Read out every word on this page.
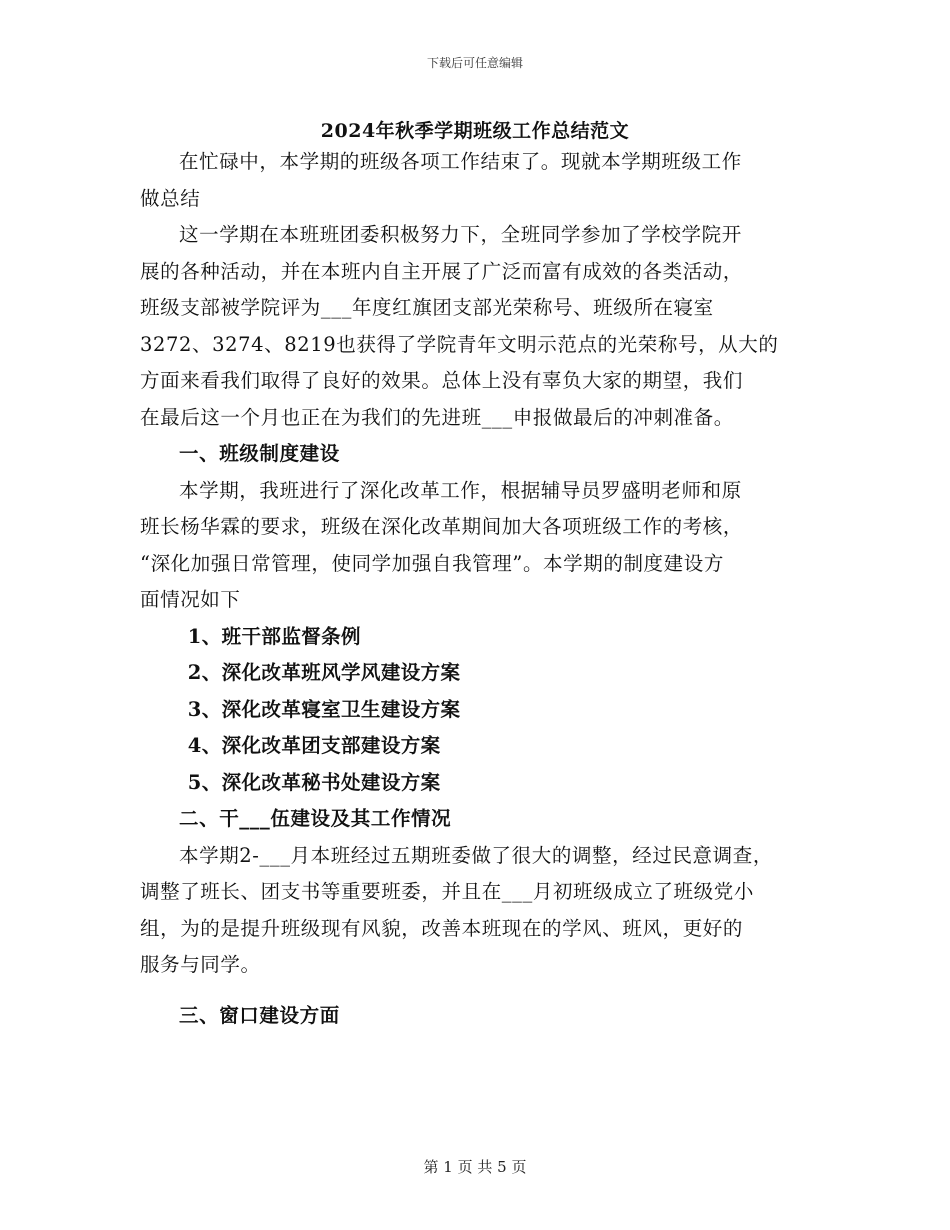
下载后可任意编辑
2024年秋季学期班级工作总结范文
在忙碌中，本学期的班级各项工作结束了。现就本学期班级工作
做总结
这一学期在本班班团委积极努力下，全班同学参加了学校学院开
展的各种活动，并在本班内自主开展了广泛而富有成效的各类活动，
班级支部被学院评为___年度红旗团支部光荣称号、班级所在寝室
3272、3274、8219也获得了学院青年文明示范点的光荣称号，从大的
方面来看我们取得了良好的效果。总体上没有辜负大家的期望，我们
在最后这一个月也正在为我们的先进班___申报做最后的冲刺准备。
一、班级制度建设
本学期，我班进行了深化改革工作，根据辅导员罗盛明老师和原
班长杨华霖的要求，班级在深化改革期间加大各项班级工作的考核，
“深化加强日常管理，使同学加强自我管理”。本学期的制度建设方
面情况如下
1、班干部监督条例
2、深化改革班风学风建设方案
3、深化改革寝室卫生建设方案
4、深化改革团支部建设方案
5、深化改革秘书处建设方案
二、干___伍建设及其工作情况
本学期2-___月本班经过五期班委做了很大的调整，经过民意调查，
调整了班长、团支书等重要班委，并且在___月初班级成立了班级党小
组，为的是提升班级现有风貌，改善本班现在的学风、班风，更好的
服务与同学。
三、窗口建设方面
第 1 页 共 5 页
